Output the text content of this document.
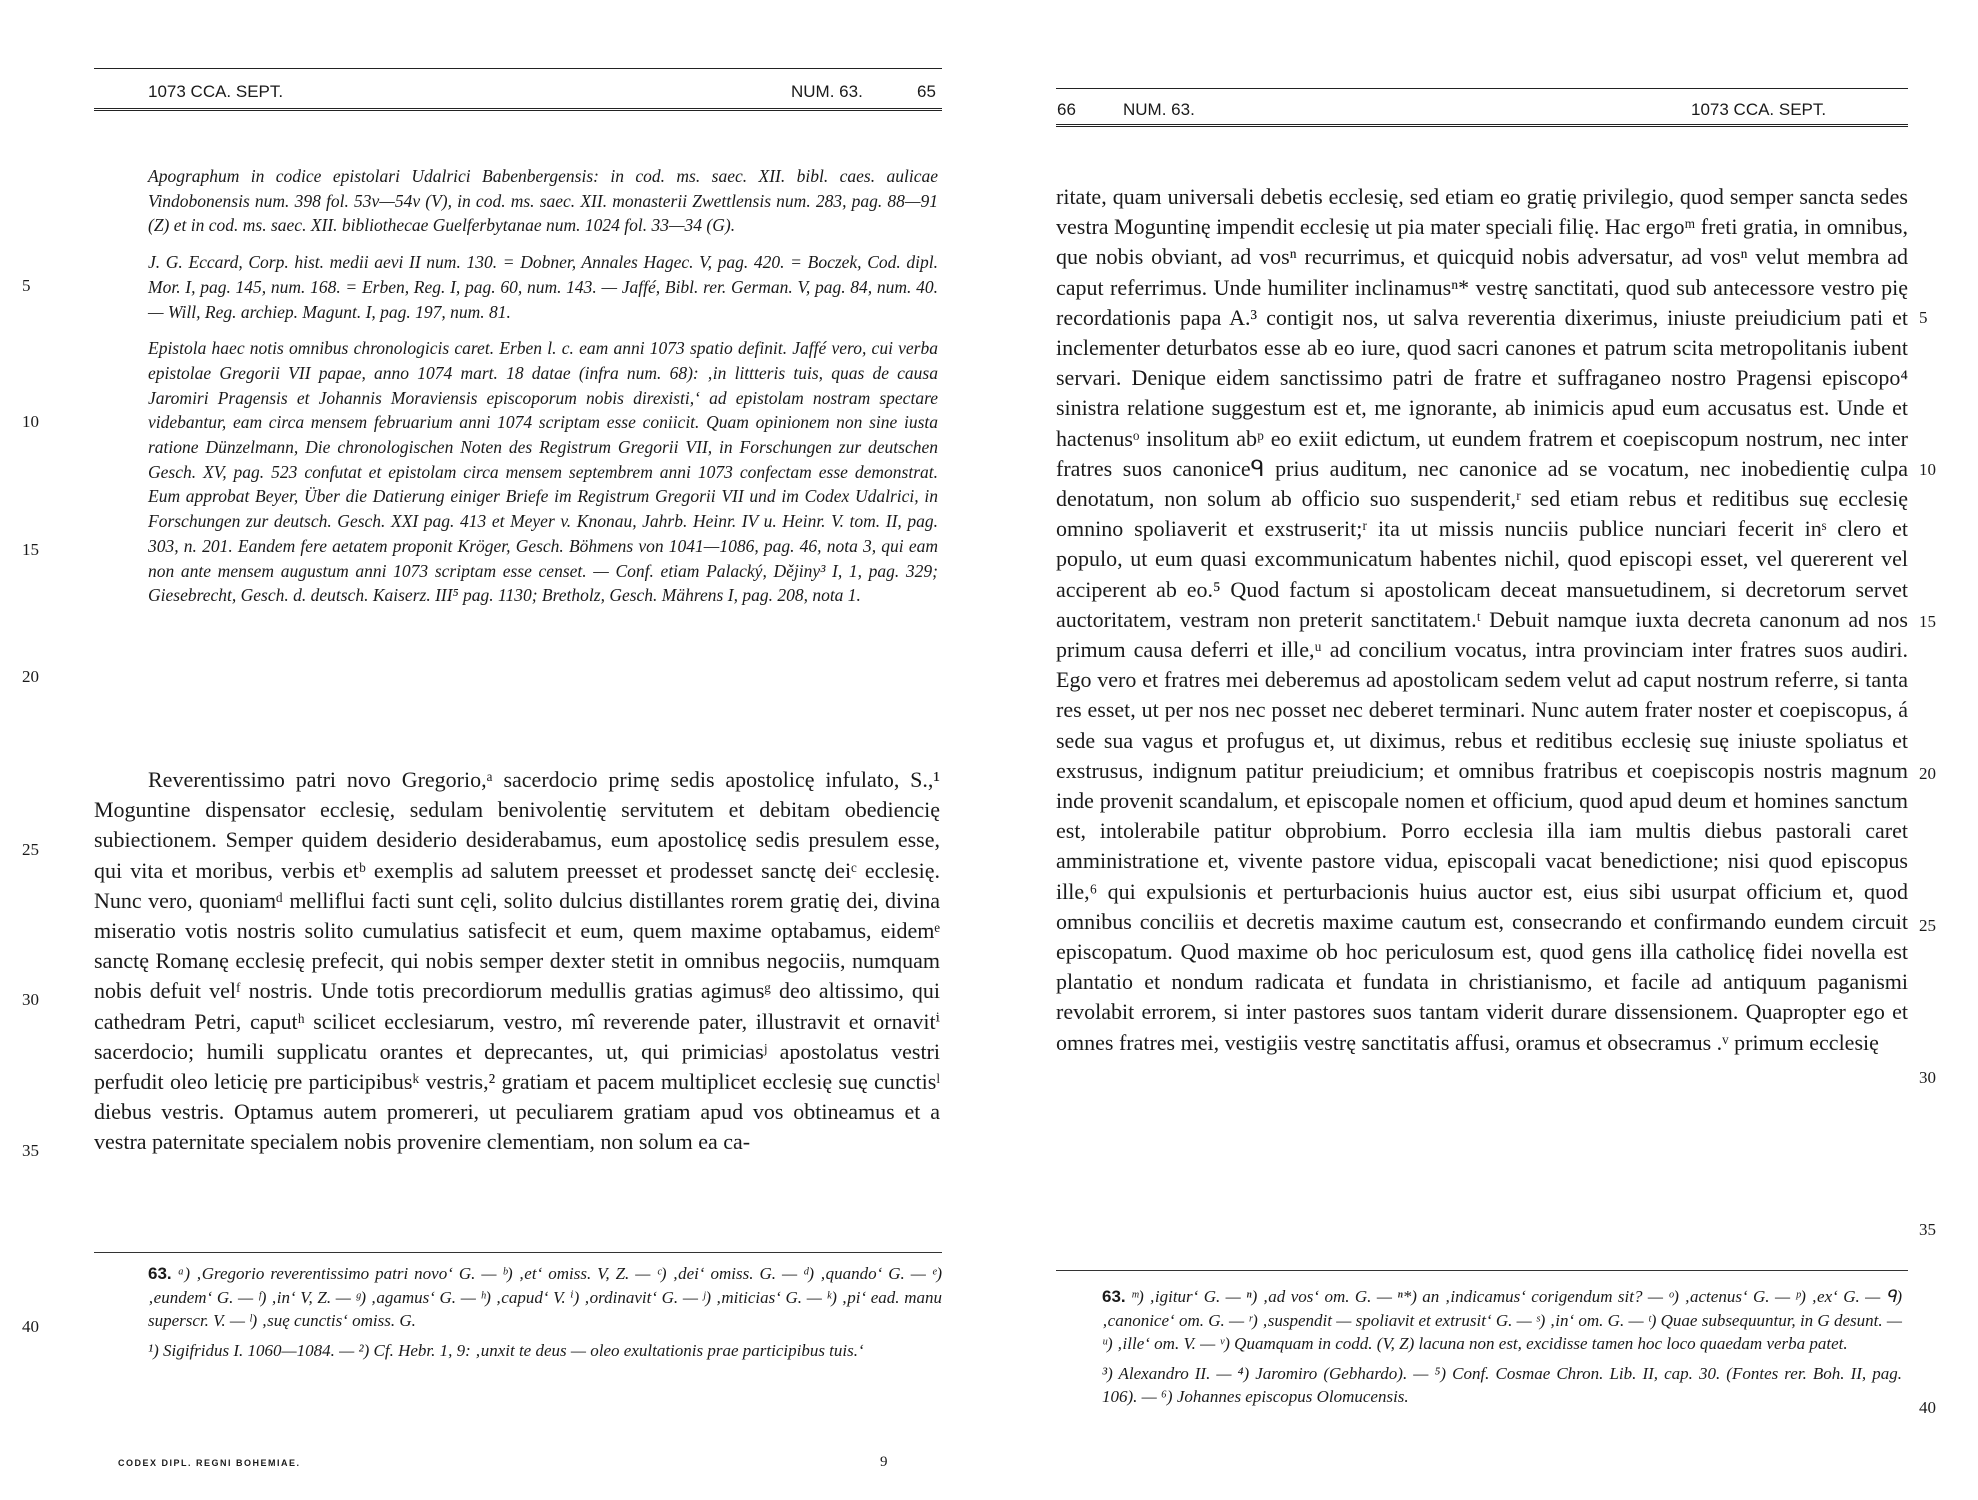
1073 CCA. SEPT.	NUM. 63.	65

Apographum in codice epistolari Udalrici Babenbergensis: in cod. ms. saec. XII. bibl. caes. aulicae Vindobonensis num. 398 fol. 53v—54v (V), in cod. ms. saec. XII. monasterii Zwettlensis num. 283, pag. 88—91 (Z) et in cod. ms. saec. XII. bibliothecae Guelferbytanae num. 1024 fol. 33—34 (G).

J. G. Eccard, Corp. hist. medii aevi II num. 130. = Dobner, Annales Hagec. V, pag. 420. = Boczek, Cod. dipl. Mor. I, pag. 145, num. 168. = Erben, Reg. I, pag. 60, num. 143. — Jaffé, Bibl. rer. German. V, pag. 84, num. 40. — Will, Reg. archiep. Magunt. I, pag. 197, num. 81.

Epistola haec notis omnibus chronologicis caret. Erben l. c. eam anni 1073 spatio definit. Jaffé vero, cui verba epistolae Gregorii VII papae, anno 1074 mart. 18 datae (infra num. 68): ‚in littteris tuis, quas de causa Jaromiri Pragensis et Johannis Moraviensis episcoporum nobis direxisti,‘ ad epistolam nostram spectare videbantur, eam circa mensem februarium anni 1074 scriptam esse coniicit. Quam opinionem non sine iusta ratione Dünzelmann, Die chronologischen Noten des Registrum Gregorii VII, in Forschungen zur deutschen Gesch. XV, pag. 523 confutat et epistolam circa mensem septembrem anni 1073 confectam esse demonstrat. Eum approbat Beyer, Über die Datierung einiger Briefe im Registrum Gregorii VII und im Codex Udalrici, in Forschungen zur deutsch. Gesch. XXI pag. 413 et Meyer v. Knonau, Jahrb. Heinr. IV u. Heinr. V. tom. II, pag. 303, n. 201. Eandem fere aetatem proponit Kröger, Gesch. Böhmens von 1041—1086, pag. 46, nota 3, qui eam non ante mensem augustum anni 1073 scriptam esse censet. — Conf. etiam Palacký, Dějiny³ I, 1, pag. 329; Giesebrecht, Gesch. d. deutsch. Kaiserz. III⁵ pag. 1130; Bretholz, Gesch. Mährens I, pag. 208, nota 1.

5
10
15
20
25
30
35
40
Reverentissimo patri novo Gregorio,ᵃ sacerdocio primę sedis apostolicę infulato, S.,¹ Moguntine dispensator ecclesię, sedulam benivolentię servitutem et debitam obediencię subiectionem. Semper quidem desiderio desiderabamus, eum apostolicę sedis presulem esse, qui vita et moribus, verbis etᵇ exemplis ad salutem preesset et prodesset sanctę deiᶜ ecclesię. Nunc vero, quoniamᵈ melliflui facti sunt cęli, solito dulcius distillantes rorem gratię dei, divina miseratio votis nostris solito cumulatius satisfecit et eum, quem maxime optabamus, eidemᵉ sanctę Romanę ecclesię prefecit, qui nobis semper dexter stetit in omnibus negociis, numquam nobis defuit velᶠ nostris. Unde totis precordiorum medullis gratias agimusᵍ deo altissimo, qui cathedram Petri, caputʰ scilicet ecclesiarum, vestro, mî reverende pater, illustravit et ornavitⁱ sacerdocio; humili supplicatu orantes et deprecantes, ut, qui primiciasʲ apostolatus vestri perfudit oleo leticię pre participibusᵏ vestris,² gratiam et pacem multiplicet ecclesię suę cunctisˡ diebus vestris. Optamus autem promereri, ut peculiarem gratiam apud vos obtineamus et a vestra paternitate specialem nobis provenire clementiam, non solum ea ca-

63. ᵃ) ‚Gregorio reverentissimo patri novo‘ G. — ᵇ) ‚et‘ omiss. V, Z. — ᶜ) ‚dei‘ omiss. G. — ᵈ) ‚quando‘ G. — ᵉ) ‚eundem‘ G. — ᶠ) ‚in‘ V, Z. — ᵍ) ‚agamus‘ G. — ʰ) ‚capud‘ V. ⁱ) ‚ordinavit‘ G. — ʲ) ‚miticias‘ G. — ᵏ) ‚pi‘ ead. manu superscr. V. — ˡ) ‚suę cunctis‘ omiss. G.

¹) Sigifridus I. 1060—1084. — ²) Cf. Hebr. 1, 9: ‚unxit te deus — oleo exultationis prae participibus tuis.‘

CODEX DIPL. REGNI BOHEMIAE.	9
66	NUM. 63.	1073 CCA. SEPT.
ritate, quam universali debetis ecclesię, sed etiam eo gratię privilegio, quod semper sancta sedes vestra Moguntinę impendit ecclesię ut pia mater speciali filię. Hac ergoᵐ freti gratia, in omnibus, que nobis obviant, ad vosⁿ recurrimus, et quicquid nobis adversatur, ad vosⁿ velut membra ad caput referrimus. Unde humiliter inclinamusⁿ* vestrę sanctitati, quod sub antecessore vestro pię recordationis papa A.³ contigit nos, ut salva reverentia dixerimus, iniuste preiudicium pati et inclementer deturbatos esse ab eo iure, quod sacri canones et patrum scita metropolitanis iubent servari. Denique eidem sanctissimo patri de fratre et suffraganeo nostro Pragensi episcopo⁴ sinistra relatione suggestum est et, me ignorante, ab inimicis apud eum accusatus est. Unde et hactenusᵒ insolitum abᵖ eo exiit edictum, ut eundem fratrem et coepiscopum nostrum, nec inter fratres suos canoniceᑫ prius auditum, nec canonice ad se vocatum, nec inobedientię culpa denotatum, non solum ab officio suo suspenderit,ʳ sed etiam rebus et reditibus suę ecclesię omnino spoliaverit et exstruserit;ʳ ita ut missis nunciis publice nunciari fecerit inˢ clero et populo, ut eum quasi excommunicatum habentes nichil, quod episcopi esset, vel quererent vel acciperent ab eo.⁵ Quod factum si apostolicam deceat mansuetudinem, si decretorum servet auctoritatem, vestram non preterit sanctitatem.ᵗ Debuit namque iuxta decreta canonum ad nos primum causa deferri et ille,ᵘ ad concilium vocatus, intra provinciam inter fratres suos audiri. Ego vero et fratres mei deberemus ad apostolicam sedem velut ad caput nostrum referre, si tanta res esset, ut per nos nec posset nec deberet terminari. Nunc autem frater noster et coepiscopus, á sede sua vagus et profugus et, ut diximus, rebus et reditibus ecclesię suę iniuste spoliatus et exstrusus, indignum patitur preiudicium; et omnibus fratribus et coepiscopis nostris magnum inde provenit scandalum, et episcopale nomen et officium, quod apud deum et homines sanctum est, intolerabile patitur obprobium. Porro ecclesia illa iam multis diebus pastorali caret amministratione et, vivente pastore vidua, episcopali vacat benedictione; nisi quod episcopus ille,⁶ qui expulsionis et perturbacionis huius auctor est, eius sibi usurpat officium et, quod omnibus conciliis et decretis maxime cautum est, consecrando et confirmando eundem circuit episcopatum. Quod maxime ob hoc periculosum est, quod gens illa catholicę fidei novella est plantatio et nondum radicata et fundata in christianismo, et facile ad antiquum paganismi revolabit errorem, si inter pastores suos tantam viderit durare dissensionem. Quapropter ego et omnes fratres mei, vestigiis vestrę sanctitatis affusi, oramus et obsecramus .ᵛ primum ecclesię
5
10
15
20
25
30
35
40

63. ᵐ) ‚igitur‘ G. — ⁿ) ‚ad vos‘ om. G. — ⁿ*) an ‚indicamus‘ corigendum sit? — ᵒ) ‚actenus‘ G. — ᵖ) ‚ex‘ G. — ᑫ) ‚canonice‘ om. G. — ʳ) ‚suspendit — spoliavit et extrusit‘ G. — ˢ) ‚in‘ om. G. — ᵗ) Quae subsequuntur, in G desunt. — ᵘ) ‚ille‘ om. V. — ᵛ) Quamquam in codd. (V, Z) lacuna non est, excidisse tamen hoc loco quaedam verba patet.

³) Alexandro II. — ⁴) Jaromiro (Gebhardo). — ⁵) Conf. Cosmae Chron. Lib. II, cap. 30. (Fontes rer. Boh. II, pag. 106). — ⁶) Johannes episcopus Olomucensis.
